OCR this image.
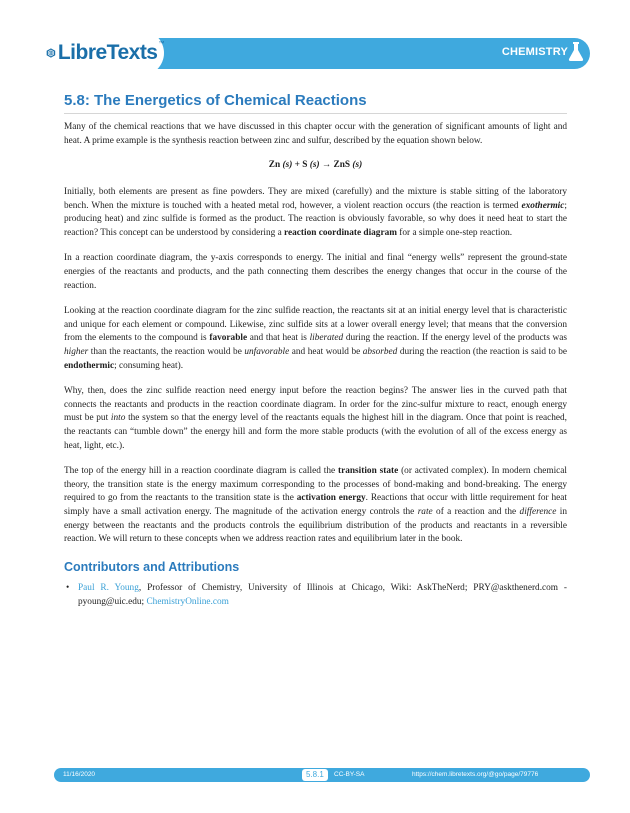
LibreTexts™
CHEMISTRY
5.8: The Energetics of Chemical Reactions

Many of the chemical reactions that we have discussed in this chapter occur with the generation of significant amounts of light and heat. A prime example is the synthesis reaction between zinc and sulfur, described by the equation shown below.

Zn (s) + S (s) → ZnS (s)

Initially, both elements are present as fine powders. They are mixed (carefully) and the mixture is stable sitting of the laboratory bench. When the mixture is touched with a heated metal rod, however, a violent reaction occurs (the reaction is termed exothermic; producing heat) and zinc sulfide is formed as the product. The reaction is obviously favorable, so why does it need heat to start the reaction? This concept can be understood by considering a reaction coordinate diagram for a simple one-step reaction.

In a reaction coordinate diagram, the y-axis corresponds to energy. The initial and final “energy wells” represent the ground-state energies of the reactants and products, and the path connecting them describes the energy changes that occur in the course of the reaction.

Looking at the reaction coordinate diagram for the zinc sulfide reaction, the reactants sit at an initial energy level that is characteristic and unique for each element or compound. Likewise, zinc sulfide sits at a lower overall energy level; that means that the conversion from the elements to the compound is favorable and that heat is liberated during the reaction. If the energy level of the products was higher than the reactants, the reaction would be unfavorable and heat would be absorbed during the reaction (the reaction is said to be endothermic; consuming heat).

Why, then, does the zinc sulfide reaction need energy input before the reaction begins? The answer lies in the curved path that connects the reactants and products in the reaction coordinate diagram. In order for the zinc-sulfur mixture to react, enough energy must be put into the system so that the energy level of the reactants equals the highest hill in the diagram. Once that point is reached, the reactants can “tumble down” the energy hill and form the more stable products (with the evolution of all of the excess energy as heat, light, etc.).

The top of the energy hill in a reaction coordinate diagram is called the transition state (or activated complex). In modern chemical theory, the transition state is the energy maximum corresponding to the processes of bond-making and bond-breaking. The energy required to go from the reactants to the transition state is the activation energy. Reactions that occur with little requirement for heat simply have a small activation energy. The magnitude of the activation energy controls the rate of a reaction and the difference in energy between the reactants and the products controls the equilibrium distribution of the products and reactants in a reversible reaction. We will return to these concepts when we address reaction rates and equilibrium later in the book.

Contributors and Attributions
• Paul R. Young, Professor of Chemistry, University of Illinois at Chicago, Wiki: AskTheNerd; PRY@askthenerd.com - pyoung@uic.edu; ChemistryOnline.com
11/16/2020	5.8.1	CC-BY-SA	https://chem.libretexts.org/@go/page/79776
